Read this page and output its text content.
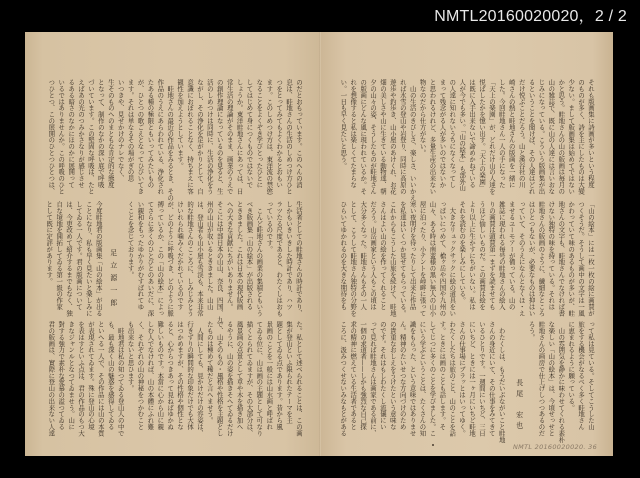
NMTL20160020020，2 / 2
のだとおもっています。このへんの消
息は、畦地さんの生活のしめつけ方ひと
つをとってみてもよくわかるとおもい
ます。このしめつけ方は、東洋流の禁慾
なることをよくぞき学びとったひとに
してはじめて身につくものではないで
しょうか。東洋畦地さんにあっては、日
常生活の理論がそのまま、画業のうえで
の創作理論になっているのを見ると、生
活のしめつけは同時に、生活の浄化をう
ながし、その浄化を足がかりとして、自
意識におぼれることなく、持ちまえに客
観性を加えようとしています。
　畦地さんの最近の作品をみるとき、その
作品のうえにあらわれている、浄化され
たある種の極限ともいってみたいもの
が、ひとつの歌ごえとなってひびいてき
ます。それは単なるその場がぎの思
いつきや、見せかけのナレでなく、
生そのものへのまともな肯定的な態度
となって、制作のなかの深い底で呼吸
づいています。この堅固な呼吸は、たと
えばあの光のつみかさなりが感じさせ
るある暗さのなかにほのかに展開って
いるではありませんか。この呼吸のひと
つひとつ、この展開のひとつひとつは、
生活者としての畦地さんの時計であり、
しかもいきいきした時計であり、ハツ
ラツたる尺度であると、わたくしはおも
っているのです。
　こんど畦地さんの画業の集積ともいう
べき版画集「山の絵本」が出版される
とききました。これは日本の現代版画
への大きな貢献にちがいありません。
そこには中部日本の山山、奈良、四国、九
州の山山が収いるとききました。山山
は、登山者も山小屋も雪渓も、本来非常
的な畦地さんのこころに、しみじみとう
けいれられ噛みくだかれているのです
が、どのように呼吸づき、どのように脈
搏っているか、この「山の絵本」によっ
てさらに多くのひとびとのあいだに、深
い親和をもったゆかりがむすばれてゆ
くことを念じております。
足立源一郎
今度畦地君の版画集「山の絵本」が出る
ことになり、私も早く見たいと楽しみに
してゐる一人です。君の版画について
は、今更改めて紹介するまでもなく、独
自な境地を開拓してゐる第一級の作家
として既に定評があります。
た。私として述べられることは、この画
集が登山といふ限られたテーマを主
題としてゐる点であります。昔から風
景画のことを一般には山水画と呼ばれ
てゐる位に、山は画の主題として可なり
描くとられてゐますが、その大部分は、
風景画の点景として草や木を描き加へ
るやうに、山の姿を描きそへてゐるだけ
で、山そのもの・風格や性格を主題とし
たものは極めて稀だと言へませう。
　人間にしても、見かけだけの容姿は、
行きずりの瞬間的な印象だけでも大体
はつかめますが、その性格や個性とな
ると、心からつきあって見ねばゆかぬ
難しいものです。本當に心から山に親
しむ人でなければ、山の本體にふれ難
く、それぞれの山の神秘をつかむこと
も出来ないと思ひます。
　畦地君は私の知つてゐる登山人の中で
も、最も深く山の魅惑を感得してゐる
といへる一人で、その作品には山の本質
が表現されてゐます。殊に登山の心境
を表はすといふ点は、君の作品のもつ大
きなジャンルとなつてゐませう。山に
對する強力で素朴な愛慕の溢つてゐる
君の版画は、實際に登山の出来ない人達
それも版画集に詩画が多いという程度
のものが多く、詩を主にしたものは大變
少ない。まして版画集は始めてではない
かと思う。畦地さんの山の版画は毎月の
山の雑誌で、既に山の人達には言いおな
じみになっている。こういう版画集が出
るということを聞けば、その人達はどれ
だけ悦ぶことだろう。山と溪谷社の川
崎さんの熱と畦地さんの版画を一緒に
した。今回畦地さん一人の手になった
「天上の楽園」が、どれだけ山の人達を
悦ばしたかを憶い出す。「天上の楽園」
は既に入手出来ないで諦めかねている
人が今でも多い。「山の絵本」も部外山
の人達に知れないうちになくなってし
まって残念がる人が多いのではないか
と思われるけれど、多量生産の出来ない
物なのだから仕方がない。
　山の生活のきびしさ、楽しさ、いいかえ
れば氷雪の登山や岩登り、同時に高原の
遊歩や釣歩き、山小屋のあけくれ、お花
畑の美しさや山に生きている動物達、朝
夕の山々の姿、そうしたものが畦地さん
の版画にどんな風に現われているか。そ
れを想像すると私は楽しくてたまらな
い。一日も早く見たいと思う。
「山の絵本」には一枚一枚の絵に画賛が
つくそうだ。そうして画中の文字は一風
かわっていて味のあるものが多いが、畦
地さんの文字も、畦地さんでなければ書
けない独特の味を持っている。それは
畦地さんの版画のように、繊細なところ
はひとつもないが、必要なものは抑はい
っていて、そのうえになんとなくほ・え
ませるユーモアーが備っている。山の
雑誌に現われる毎号の畦地さんの絵入
りの画賛は頭賛第一まずを読ませても
うほど愉しいものだ。この画賛は絵を
より以上に生かすにちがいない。私は
それを読むのを楽しみにしている。
　大きなリュックサックに絵の道具をい
っぱいにつめて、槍ヶ岳や四国や九州の
山々、ある時は南蛮様の黒い無人の山小
屋に泊ったり、小テントを峠畔に張って
寒い夜明けを待ったりして出来た作品
を私達はいくつか見せてもらっている。
これからもこうした山旅を続けて、畦地
さんはよい山の絵を作ってくれること
だろう。山岳画家という人もこの頃は
大分多くなった。畦地さんもその一人
として、こうして畦地さん独特の分野を
ひらいてゆかれるのを大きな期待をも
って私は見ている。そしてこうした山
旅をする機会がなるべく多く畦地さん
に恵まれるように願っている。
　山の雰囲気を静かに味わせてくれる素朴
な楽しい「山の絵本」は、今頃せっせと
畦地さんの画房で仕上げしつつあるのだ
ろう。
長尾　宏也
　わたくしは、もうだいぶながいこと畦地
さんの身近にいて、その仕事をみてきて
いるひとりです。一週間にいちど、三日
にいちど、ときには一ヶ月にいちど畦地
さんの仕事場にブラッとはいってゆく。
わたくしたちは旅のこと、山のことを話
す。ときには画のことも話します。そ
してじつに多くのことを学びました。こ
にいう学ぶということは、たくさんの知
識をもらった、という意味ではありませ
ん。精神のたいせつな方向づけのため
の貴重なおしえをうけたという意味な
のです。それはもしわたくし流儀にい
って見れば畦地さんは画家である前に、
一個の求道者——しかも強烈な自己探
求の精神に燃えている生活者であると
ころに、汲みつくせないみなもとがある
NMTL 20160020020. 36
